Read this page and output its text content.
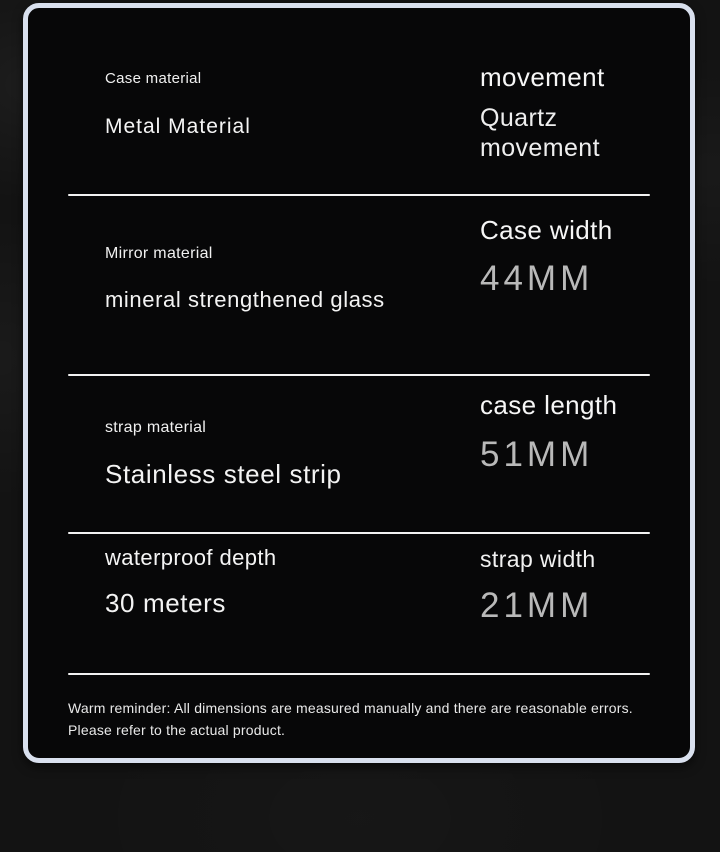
Case material
Metal Material
movement
Quartz movement
Mirror material
mineral strengthened glass
Case width
44MM
strap material
Stainless steel strip
case length
51MM
waterproof depth
30 meters
strap width
21MM
Warm reminder: All dimensions are measured manually and there are reasonable errors.
Please refer to the actual product.
